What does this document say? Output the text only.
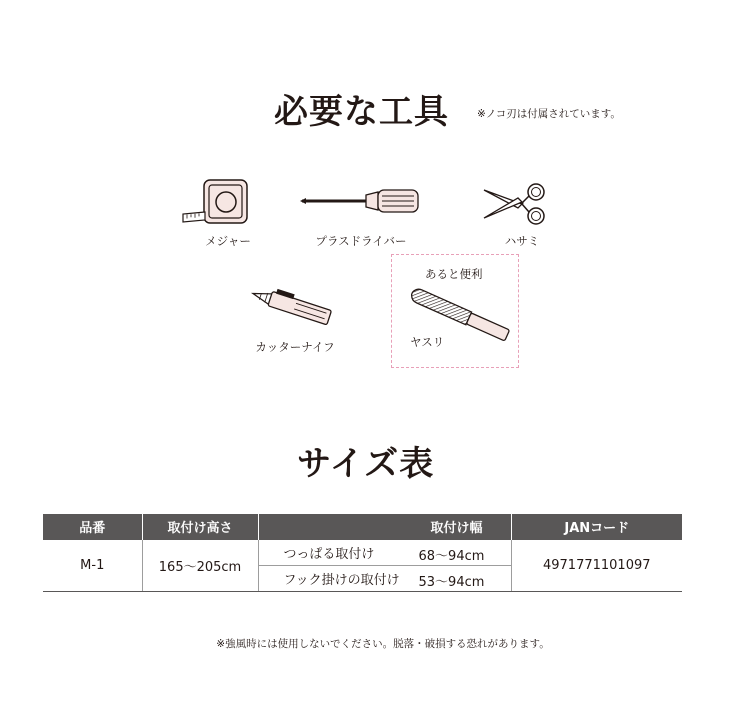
必要な工具	※ノコ刃は付属されています。
メジャー	プラスドライバー	ハサミ
カッターナイフ
あると便利
ヤスリ
サイズ表
品番	取付け高さ	取付け幅	JANコード
M-1	165〜205cm	つっぱる取付け 68〜94cm	4971771101097
		フック掛けの取付け 53〜94cm	
※強風時には使用しないでください。脱落・破損する恐れがあります。
